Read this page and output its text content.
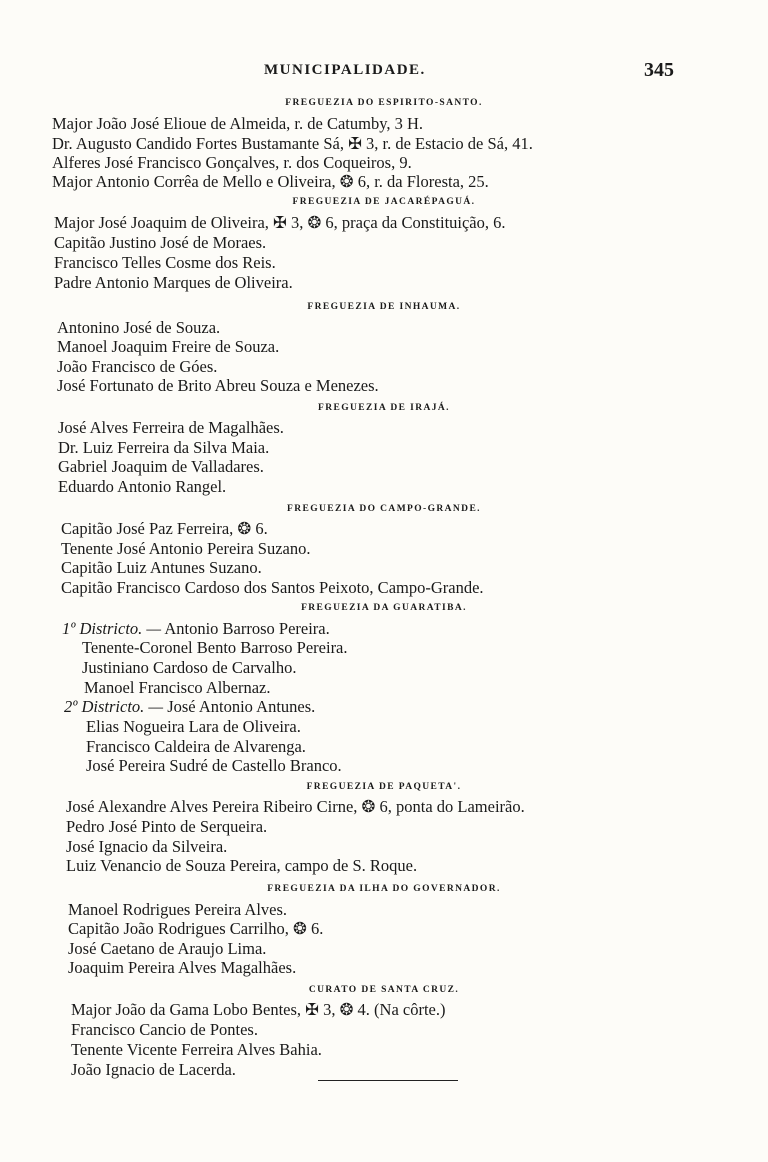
MUNICIPALIDADE.	345
FREGUEZIA DO ESPIRITO-SANTO.
Major João José Elioue de Almeida, r. de Catumby, 3 H.
Dr. Augusto Candido Fortes Bustamante Sá, ✠ 3, r. de Estacio de Sá, 41.
Alferes José Francisco Gonçalves, r. dos Coqueiros, 9.
Major Antonio Corrêa de Mello e Oliveira, ❂ 6, r. da Floresta, 25.
FREGUEZIA DE JACARÉPAGUÁ.
Major José Joaquim de Oliveira, ✠ 3, ❂ 6, praça da Constituição, 6.
Capitão Justino José de Moraes.
Francisco Telles Cosme dos Reis.
Padre Antonio Marques de Oliveira.
FREGUEZIA DE INHAUMA.
Antonino José de Souza.
Manoel Joaquim Freire de Souza.
João Francisco de Góes.
José Fortunato de Brito Abreu Souza e Menezes.
FREGUEZIA DE IRAJÁ.
José Alves Ferreira de Magalhães.
Dr. Luiz Ferreira da Silva Maia.
Gabriel Joaquim de Valladares.
Eduardo Antonio Rangel.
FREGUEZIA DO CAMPO-GRANDE.
Capitão José Paz Ferreira, ❂ 6.
Tenente José Antonio Pereira Suzano.
Capitão Luiz Antunes Suzano.
Capitão Francisco Cardoso dos Santos Peixoto, Campo-Grande.
FREGUEZIA DA GUARATIBA.
1º Districto. — Antonio Barroso Pereira.
Tenente-Coronel Bento Barroso Pereira.
Justiniano Cardoso de Carvalho.
Manoel Francisco Albernaz.
2º Districto. — José Antonio Antunes.
Elias Nogueira Lara de Oliveira.
Francisco Caldeira de Alvarenga.
José Pereira Sudré de Castello Branco.
FREGUEZIA DE PAQUETA'.
José Alexandre Alves Pereira Ribeiro Cirne, ❂ 6, ponta do Lameirão.
Pedro José Pinto de Serqueira.
José Ignacio da Silveira.
Luiz Venancio de Souza Pereira, campo de S. Roque.
FREGUEZIA DA ILHA DO GOVERNADOR.
Manoel Rodrigues Pereira Alves.
Capitão João Rodrigues Carrilho, ❂ 6.
José Caetano de Araujo Lima.
Joaquim Pereira Alves Magalhães.
CURATO DE SANTA CRUZ.
Major João da Gama Lobo Bentes, ✠ 3, ❂ 4. (Na côrte.)
Francisco Cancio de Pontes.
Tenente Vicente Ferreira Alves Bahia.
João Ignacio de Lacerda.
